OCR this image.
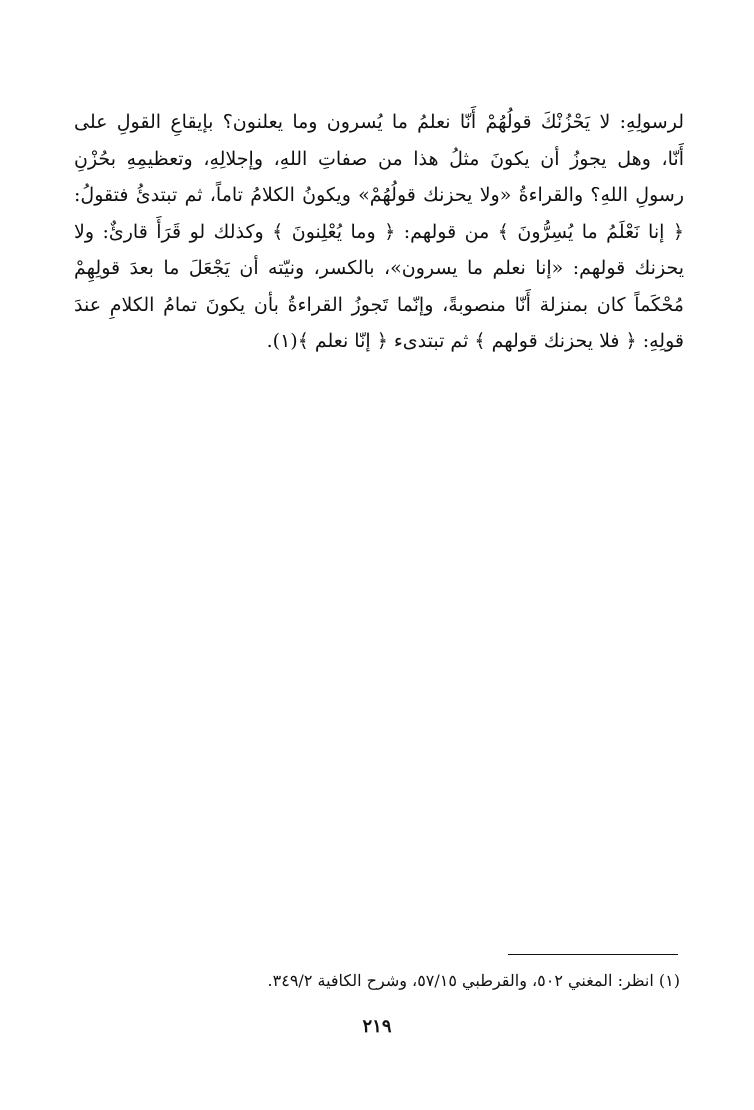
لرسولِهِ: لا يَحْزُنْكَ قولُهُمْ أَنّا نعلمُ ما يُسرون وما يعلنون؟ بإيقاعِ القولِ على
أَنّا، وهل يجوزُ أن يكونَ مثلُ هذا من صفاتِ اللهِ، وإجلالِهِ، وتعظيمِهِ بحُزْنِ
رسولِ اللهِ؟ والقراءةُ «ولا يحزنك قولُهُمْ» ويكونُ الكلامُ تاماً، ثم تبتدئُ فتقولُ:
﴿ إنا نَعْلَمُ ما يُسِرُّونَ ﴾ من قولهم: ﴿ وما يُعْلِنونَ ﴾ وكذلك لو قَرَأَ قارئٌ: ولا
يحزنك قولهم: «إنا نعلم ما يسرون»، بالكسر، ونيّته أن يَجْعَلَ ما بعدَ قولِهِمْ
مُحْكَماً كان بمنزلة أَنّا منصوبةً، وإنّما تَجوزُ القراءةُ بأن يكونَ تمامُ الكلامِ عندَ
قولِهِ: ﴿ فلا يحزنك قولهم ﴾ ثم تبتدىء ﴿ إنّا نعلم ﴾(١).
(١) انظر: المغني ٥٠٢، والقرطبي ٥٧/١٥، وشرح الكافية ٣٤٩/٢.
٢١٩
